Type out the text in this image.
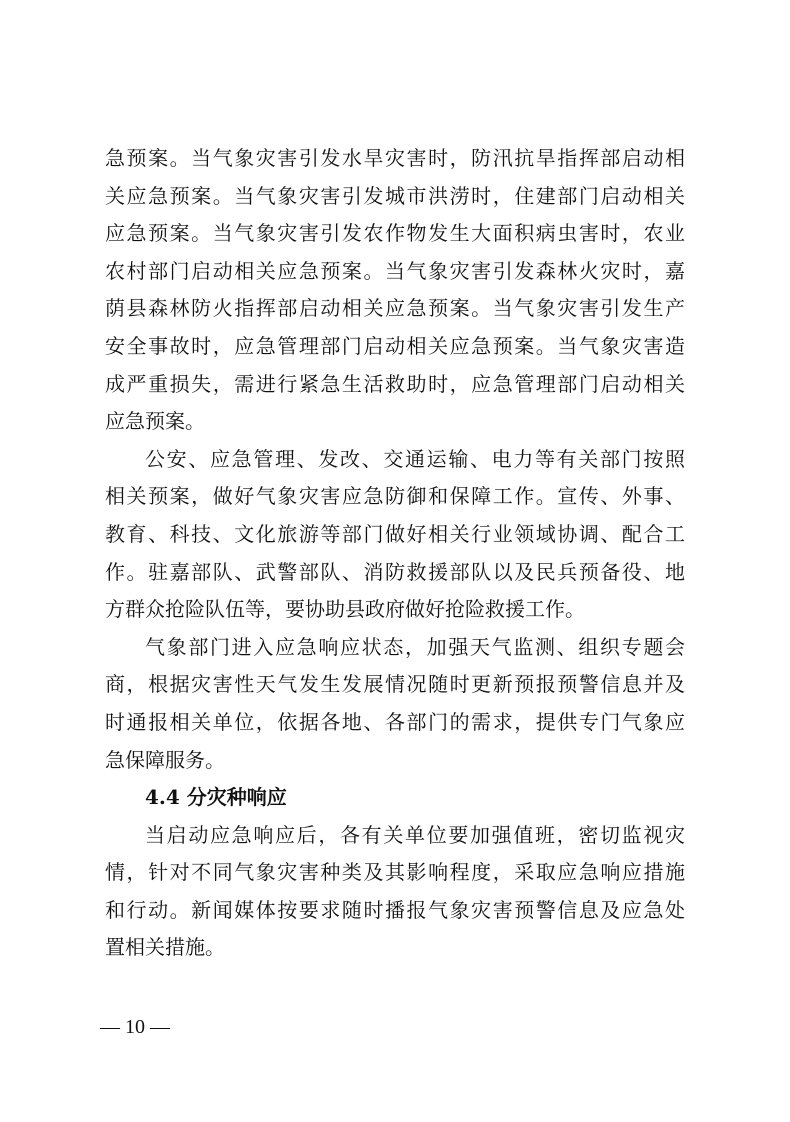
急预案。当气象灾害引发水旱灾害时，防汛抗旱指挥部启动相
关应急预案。当气象灾害引发城市洪涝时，住建部门启动相关
应急预案。当气象灾害引发农作物发生大面积病虫害时，农业
农村部门启动相关应急预案。当气象灾害引发森林火灾时，嘉
荫县森林防火指挥部启动相关应急预案。当气象灾害引发生产
安全事故时，应急管理部门启动相关应急预案。当气象灾害造
成严重损失，需进行紧急生活救助时，应急管理部门启动相关
应急预案。
公安、应急管理、发改、交通运输、电力等有关部门按照
相关预案，做好气象灾害应急防御和保障工作。宣传、外事、
教育、科技、文化旅游等部门做好相关行业领域协调、配合工
作。驻嘉部队、武警部队、消防救援部队以及民兵预备役、地
方群众抢险队伍等，要协助县政府做好抢险救援工作。
气象部门进入应急响应状态，加强天气监测、组织专题会
商，根据灾害性天气发生发展情况随时更新预报预警信息并及
时通报相关单位，依据各地、各部门的需求，提供专门气象应
急保障服务。
4.4 分灾种响应
当启动应急响应后，各有关单位要加强值班，密切监视灾
情，针对不同气象灾害种类及其影响程度，采取应急响应措施
和行动。新闻媒体按要求随时播报气象灾害预警信息及应急处
置相关措施。
— 10 —
